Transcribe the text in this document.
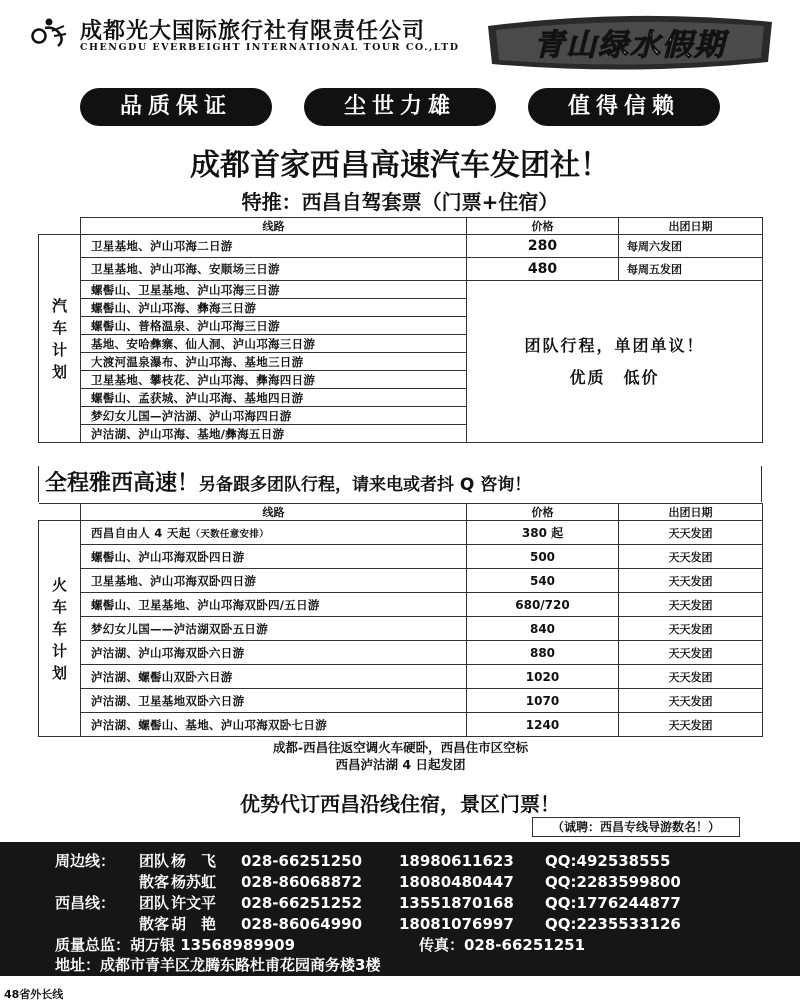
成都光大国际旅行社有限责任公司
CHENGDU EVERBEIGHT INTERNATIONAL TOUR CO.,LTD 青山绿水假期
品质保证	尘世力雄	值得信赖
成都首家西昌高速汽车发团社！
特推：西昌自驾套票（门票+住宿）
	线路	价格	出团日期

汽
车
计
划	卫星基地、泸山邛海二日游	280	每周六发团
	卫星基地、泸山邛海、安顺场三日游	480	每周五发团
	螺髻山、卫星基地、泸山邛海三日游	团队行程，单团单议！
优质　低价	

	螺髻山、泸山邛海、彝海三日游		
	螺髻山、普格温泉、泸山邛海三日游		
	基地、安哈彝寨、仙人洞、泸山邛海三日游		
	大渡河温泉瀑布、泸山邛海、基地三日游		
	卫星基地、攀枝花、泸山邛海、彝海四日游		
	螺髻山、孟获城、泸山邛海、基地四日游		
	梦幻女儿国—泸沽湖、泸山邛海四日游		
	泸沽湖、泸山邛海、基地/彝海五日游		
全程雅西高速！另备跟多团队行程，请来电或者抖 Q 咨询！
	线路	价格	出团日期

火
车
车
计
划	西昌自由人 4 天起（天数任意安排）	380 起	天天发团
	螺髻山、泸山邛海双卧四日游	500	天天发团
	卫星基地、泸山邛海双卧四日游	540	天天发团
	螺髻山、卫星基地、泸山邛海双卧四/五日游	680/720	天天发团
	梦幻女儿国——泸沽湖双卧五日游	840	天天发团
	泸沽湖、泸山邛海双卧六日游	880	天天发团
	泸沽湖、螺髻山双卧六日游	1020	天天发团
	泸沽湖、卫星基地双卧六日游	1070	天天发团
	泸沽湖、螺髻山、基地、泸山邛海双卧七日游	1240	天天发团

成都-西昌往返空调火车硬卧，西昌住市区空标
西昌泸沽湖 4 日起发团			
优势代订西昌沿线住宿，景区门票！
（诚聘：西昌专线导游数名！）
周边线： 团队 杨　飞 028-66251250 18980611623 QQ:492538555
散客 杨苏虹 028-86068872 18080480447 QQ:2283599800
西昌线： 团队 许文平 028-66251252 13551870168 QQ:1776244877
散客 胡　艳 028-86064990 18081076997 QQ:2235533126
质量总监：胡万银 13568989909	传真：028-66251251
地址：成都市青羊区龙腾东路杜甫花园商务楼3楼
48省外长线
